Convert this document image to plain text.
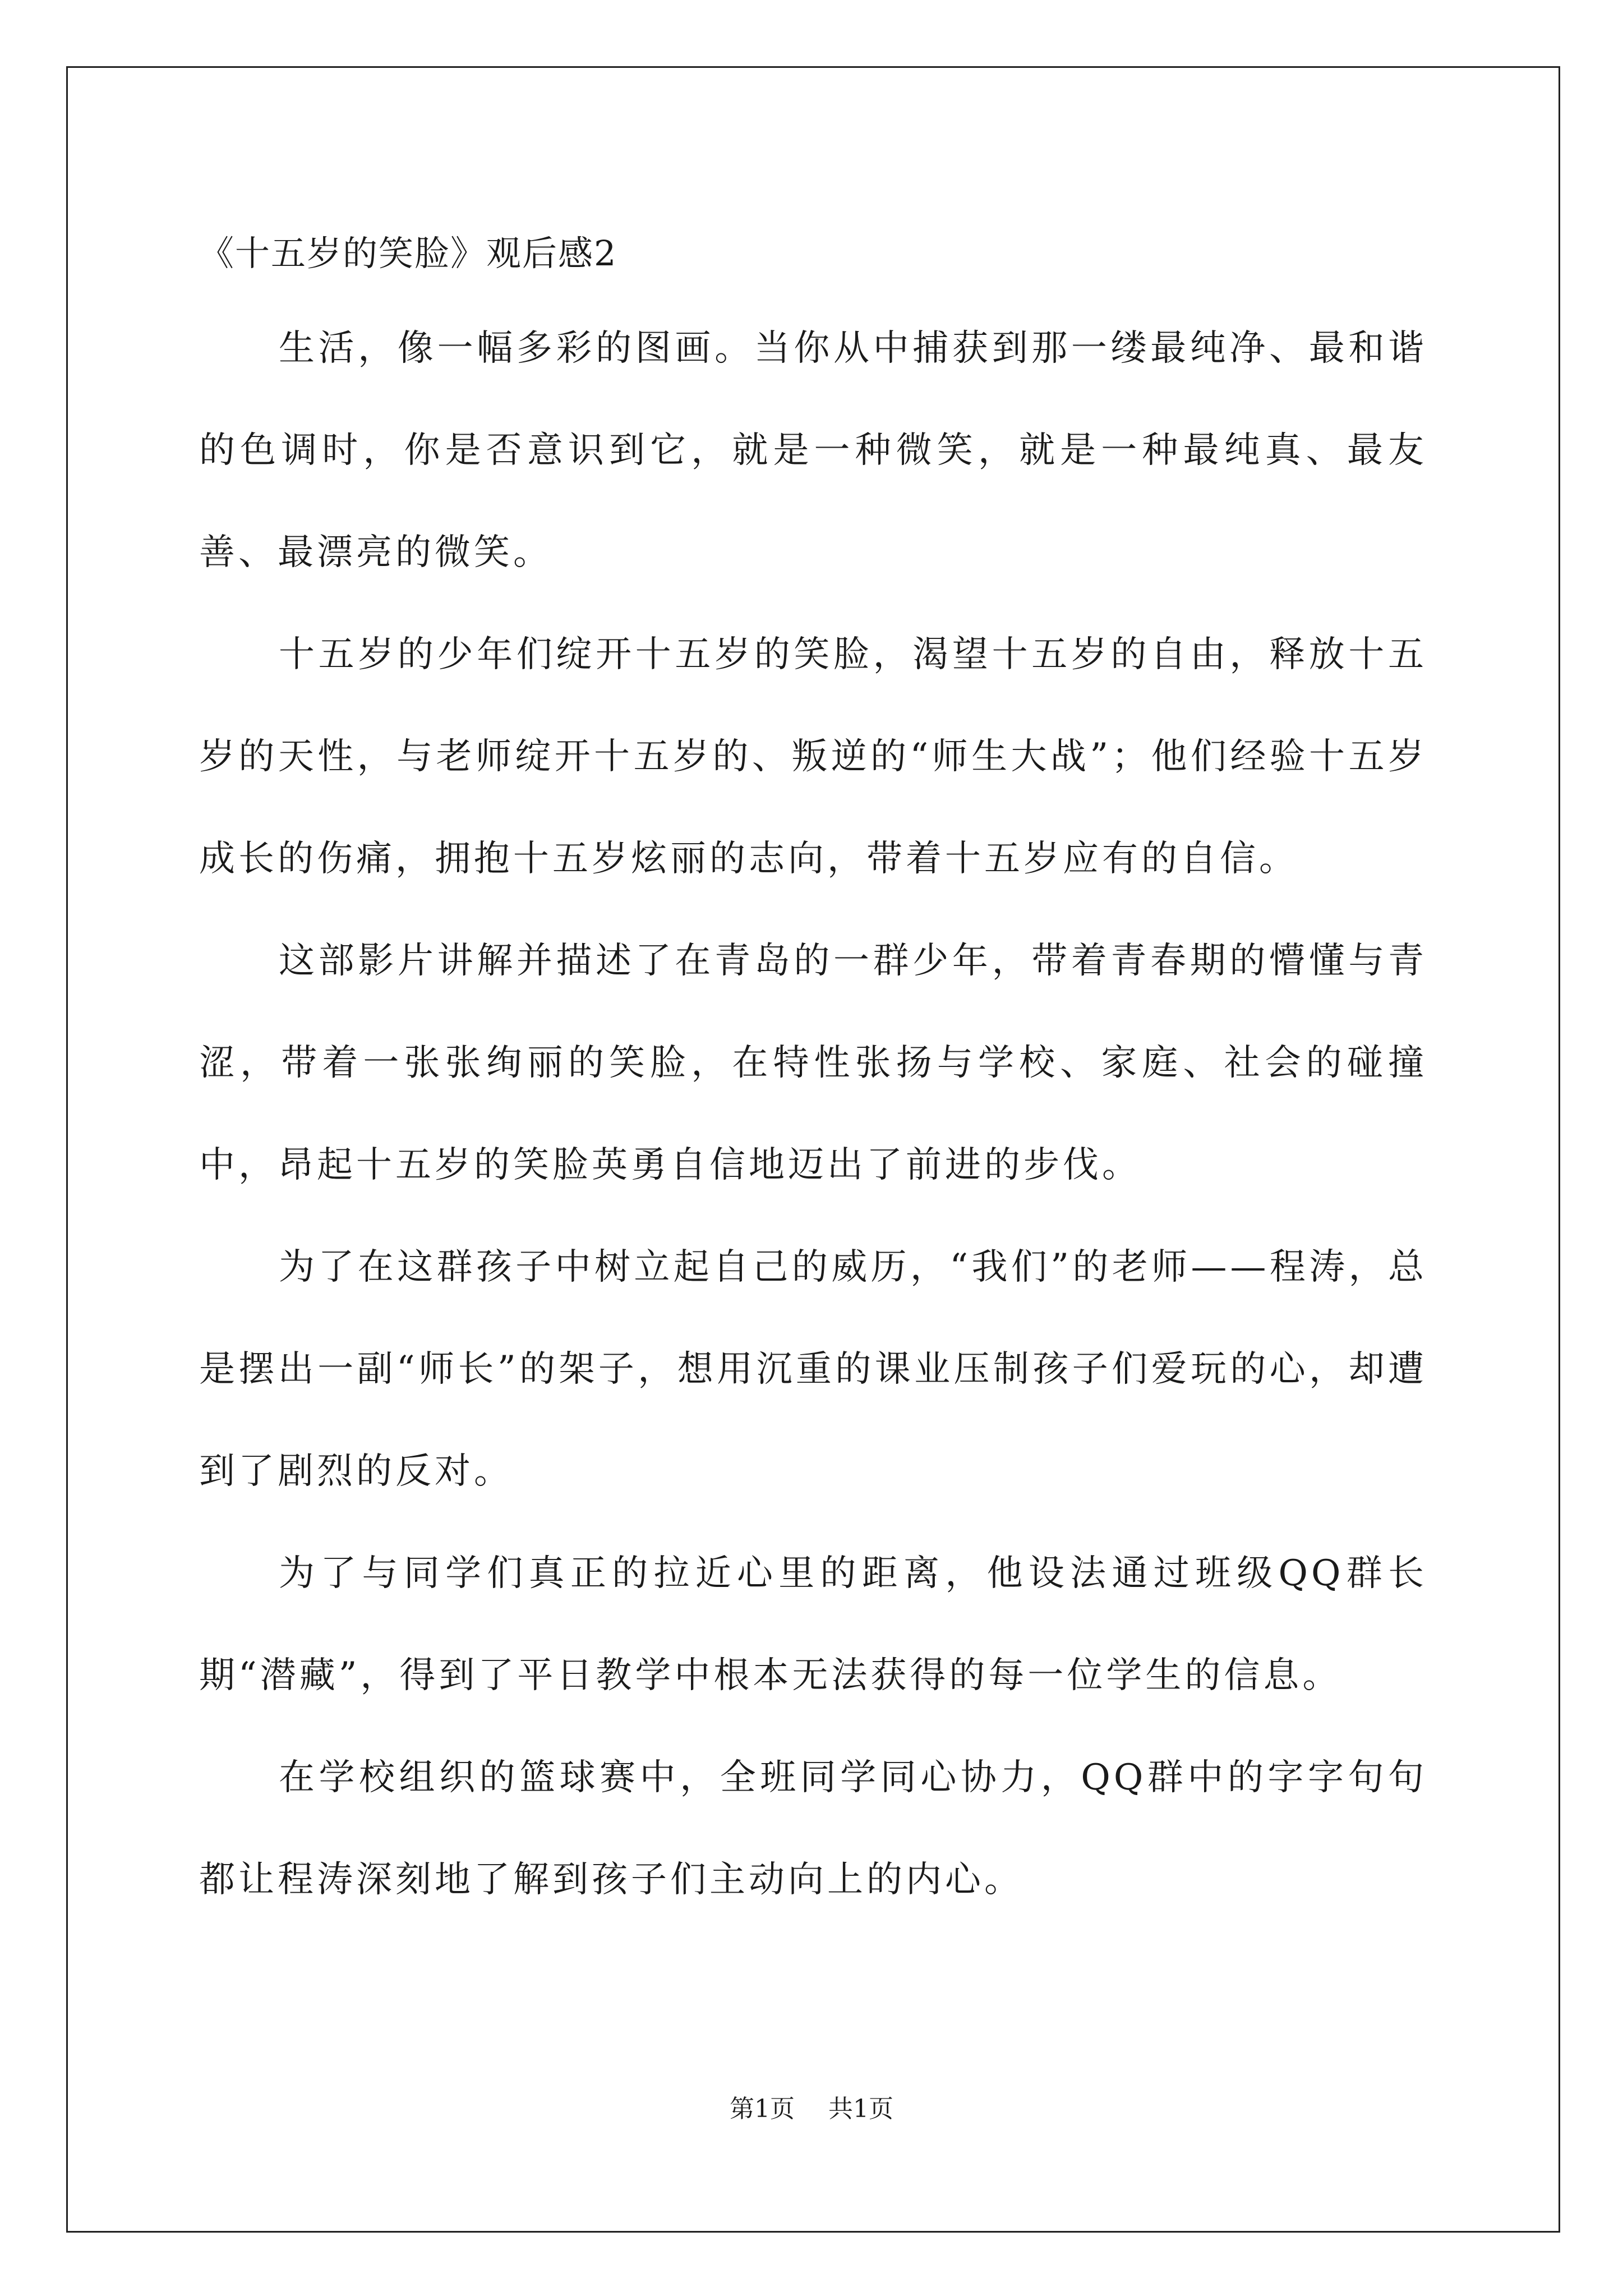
《十五岁的笑脸》观后感2

生活，像一幅多彩的图画。当你从中捕获到那一缕最纯净、最和谐的色调时，你是否意识到它，就是一种微笑，就是一种最纯真、最友善、最漂亮的微笑。

十五岁的少年们绽开十五岁的笑脸，渴望十五岁的自由，释放十五岁的天性，与老师绽开十五岁的、叛逆的“师生大战”；他们经验十五岁成长的伤痛，拥抱十五岁炫丽的志向，带着十五岁应有的自信。

这部影片讲解并描述了在青岛的一群少年，带着青春期的懵懂与青涩，带着一张张绚丽的笑脸，在特性张扬与学校、家庭、社会的碰撞中，昂起十五岁的笑脸英勇自信地迈出了前进的步伐。

为了在这群孩子中树立起自己的威历，“我们”的老师——程涛，总是摆出一副“师长”的架子，想用沉重的课业压制孩子们爱玩的心，却遭到了剧烈的反对。

为了与同学们真正的拉近心里的距离，他设法通过班级QQ群长期“潜藏”，得到了平日教学中根本无法获得的每一位学生的信息。

在学校组织的篮球赛中，全班同学同心协力，QQ群中的字字句句都让程涛深刻地了解到孩子们主动向上的内心。

第1页 共1页
